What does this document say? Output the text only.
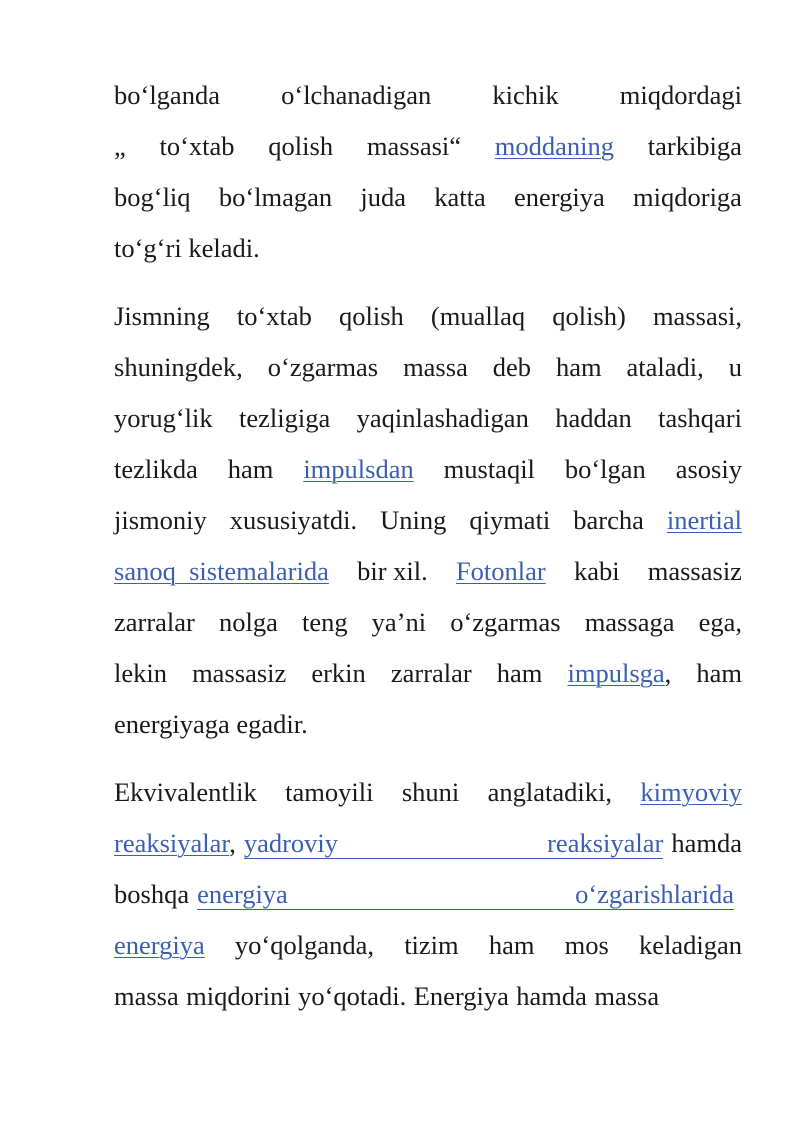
bo‘lganda o‘lchanadigan kichik miqdordagi
„ to‘xtab qolish massasi“ moddaning tarkibiga
bog‘liq bo‘lmagan juda katta energiya miqdoriga
to‘g‘ri keladi.
Jismning to‘xtab qolish (muallaq qolish) massasi,
shuningdek, o‘zgarmas massa deb ham ataladi, u
yorug‘lik tezligiga yaqinlashadigan haddan tashqari
tezlikda ham impulsdan mustaqil bo‘lgan asosiy
jismoniy xususiyatdi. Uning qiymati barcha inertial
sanoq  sistemalarida bir xil. Fotonlar kabi massasiz
zarralar nolga teng ya’ni o‘zgarmas massaga ega,
lekin massasiz erkin zarralar ham impulsga, ham
energiyaga egadir.
Ekvivalentlik tamoyili shuni anglatadiki, kimyoviy
reaksiyalar, yadroviy	reaksiyalar hamda
boshqa energiya	o‘zgarishlarida
energiya yo‘qolganda, tizim ham mos keladigan
massa miqdorini yo‘qotadi. Energiya hamda massa
